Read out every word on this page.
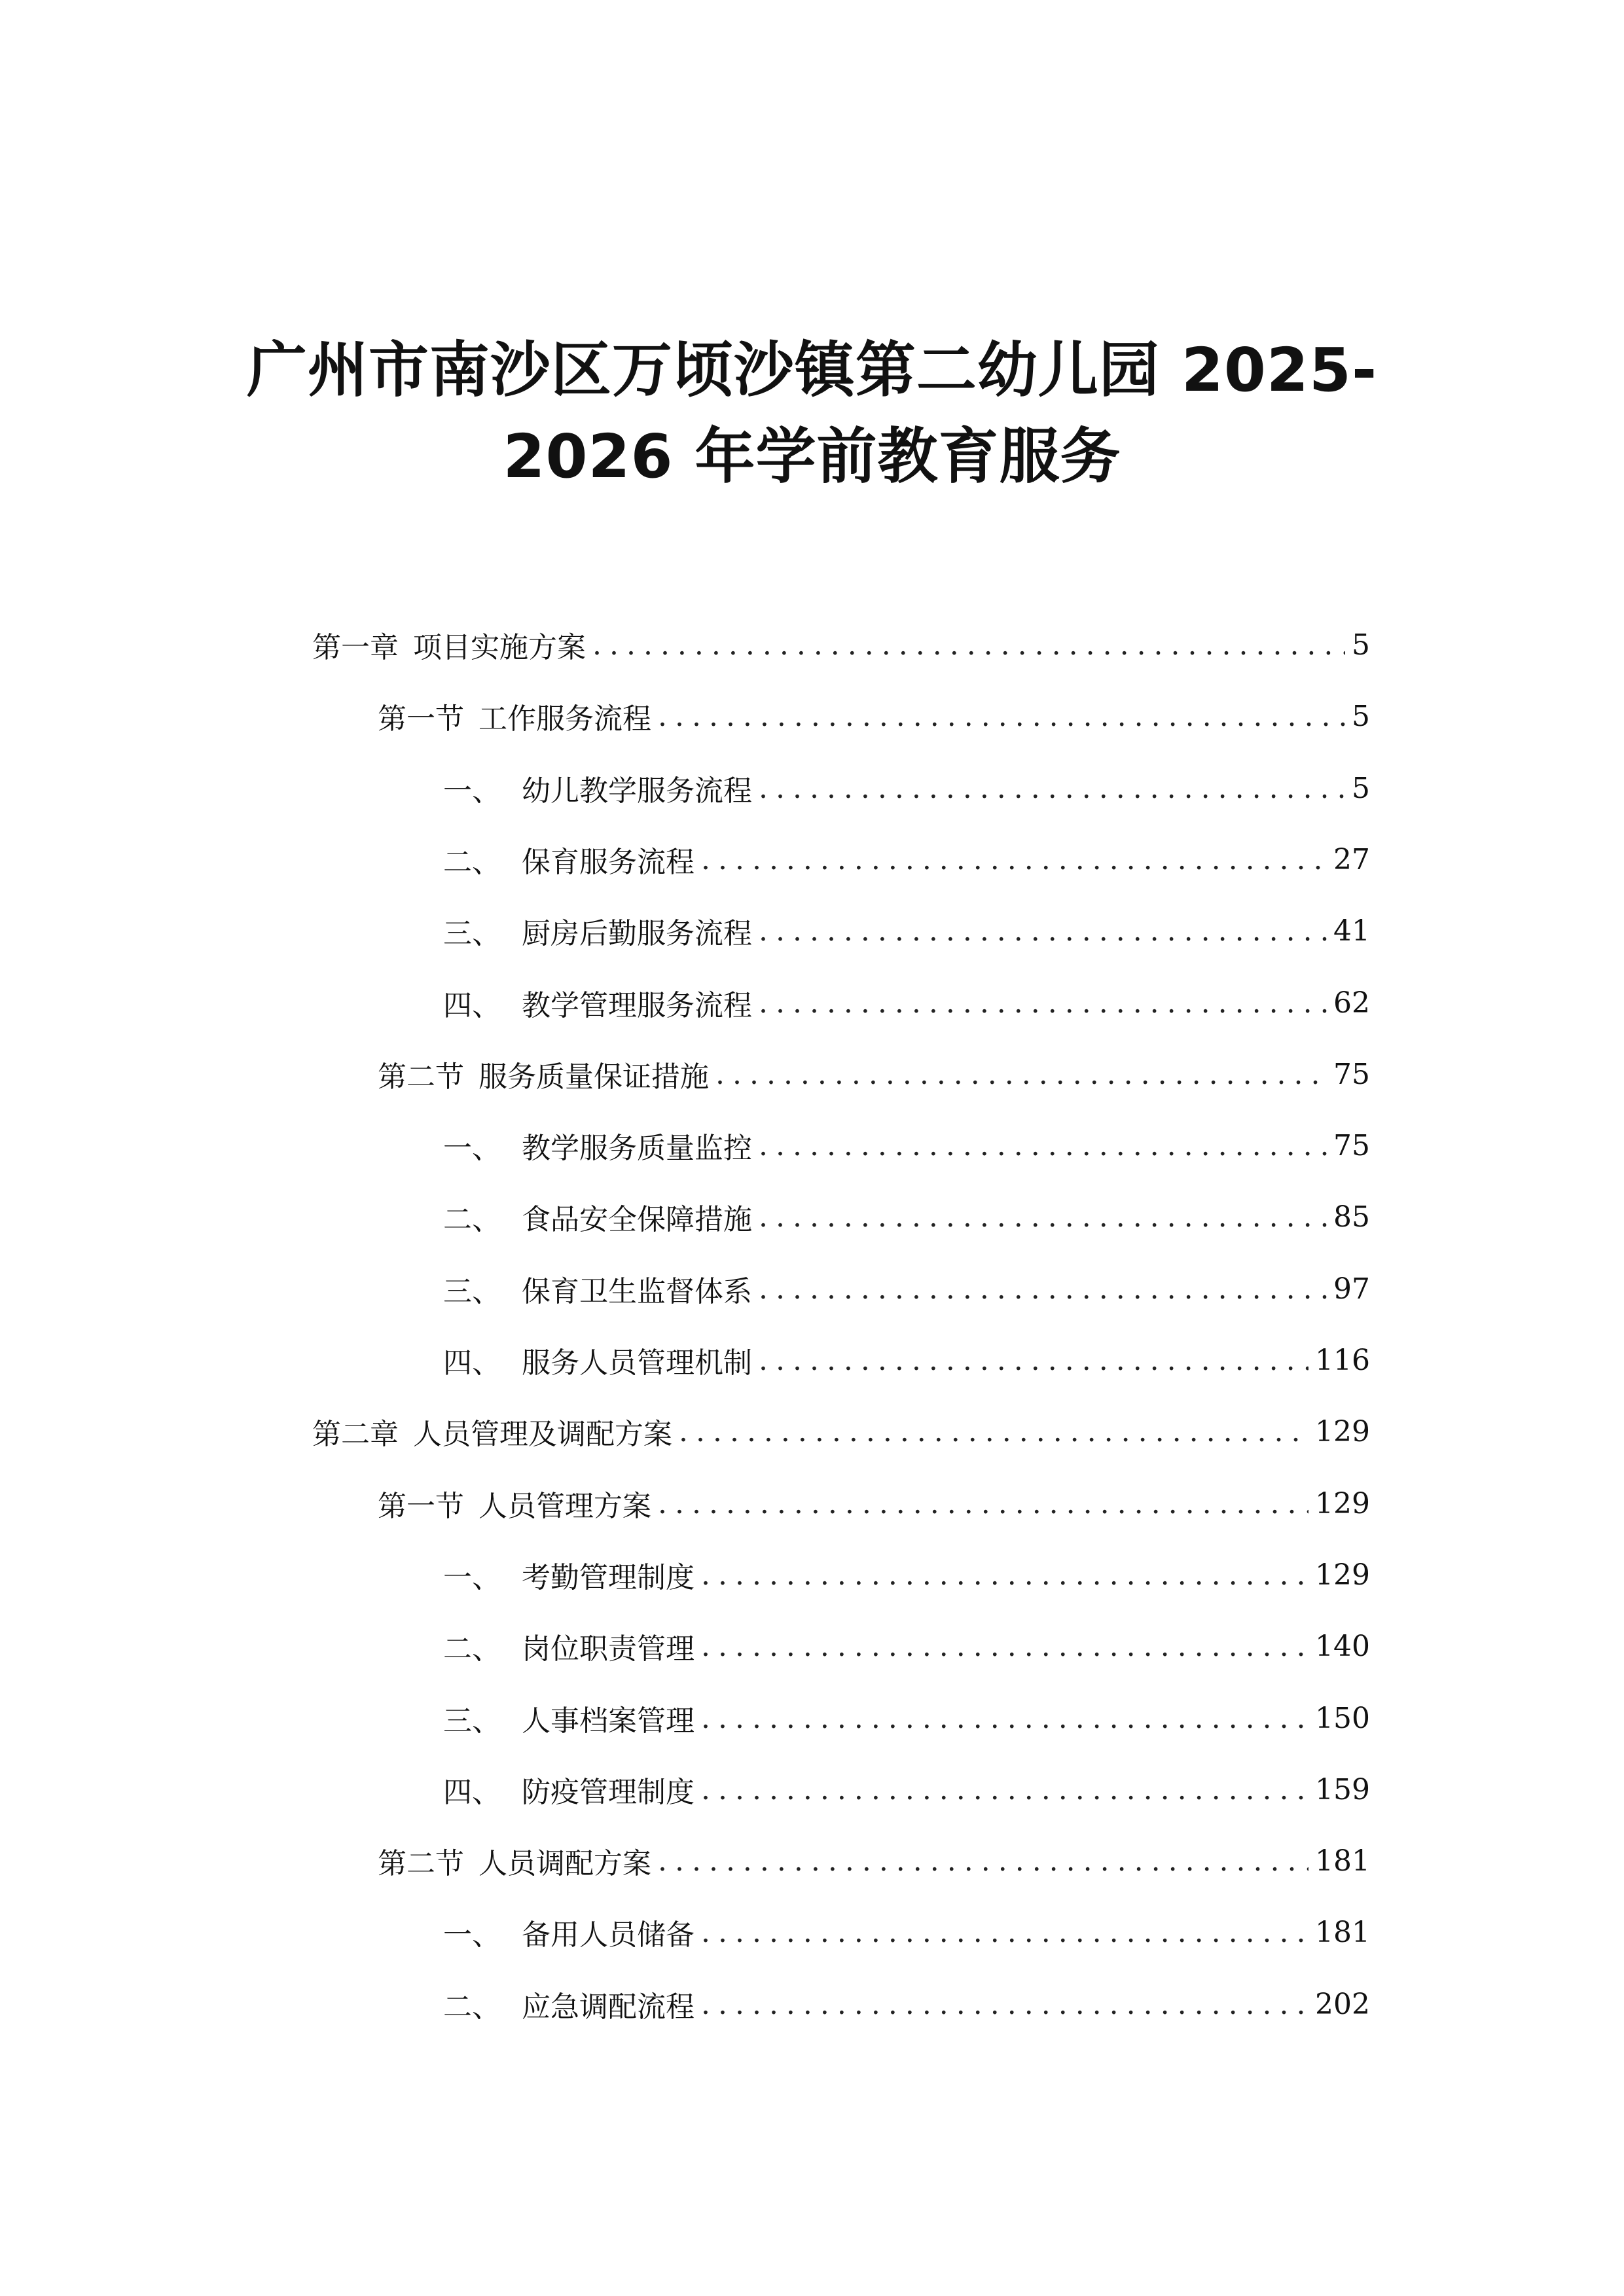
广州市南沙区万顷沙镇第二幼儿园 2025-
2026 年学前教育服务
第一章 项目实施方案 .....	5
第一节 工作服务流程 .....	5
一、 幼儿教学服务流程 .....	5
二、 保育服务流程 .....	27
三、 厨房后勤服务流程 .....	41
四、 教学管理服务流程 .....	62
第二节 服务质量保证措施 .....	75
一、 教学服务质量监控 .....	75
二、 食品安全保障措施 .....	85
三、 保育卫生监督体系 .....	97
四、 服务人员管理机制 .....	116
第二章 人员管理及调配方案 .....	129
第一节 人员管理方案 .....	129
一、 考勤管理制度 .....	129
二、 岗位职责管理 .....	140
三、 人事档案管理 .....	150
四、 防疫管理制度 .....	159
第二节 人员调配方案 .....	181
一、 备用人员储备 .....	181
二、 应急调配流程 .....	202
